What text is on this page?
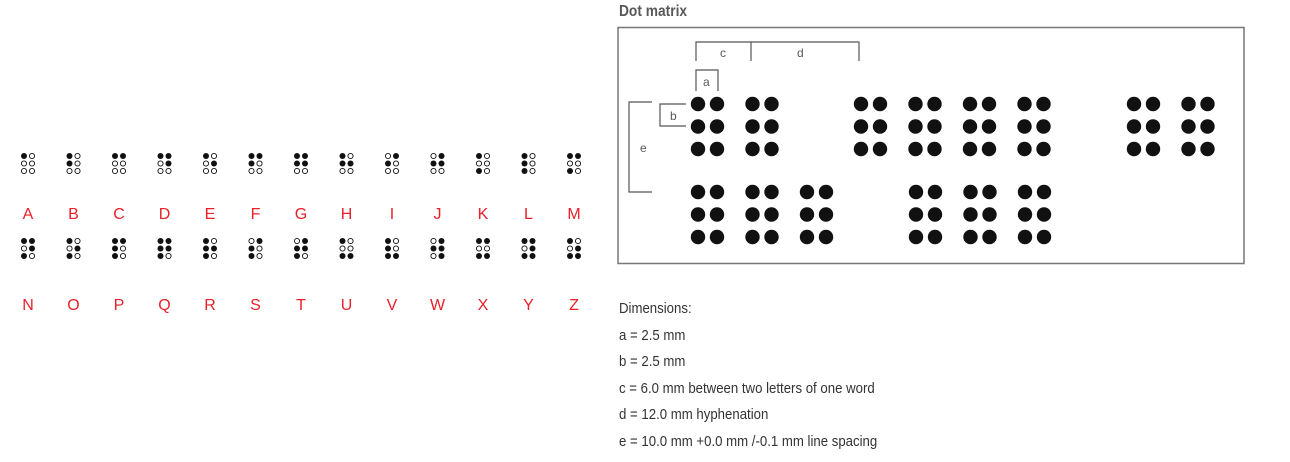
A B C D E F G H I J K L M
N O P Q R S T U V W X Y Z
Dot matrix
c	d
a
b
e
Dimensions:
a = 2.5 mm
b = 2.5 mm
c = 6.0 mm between two letters of one word
d = 12.0 mm hyphenation
e = 10.0 mm +0.0 mm /-0.1 mm line spacing
